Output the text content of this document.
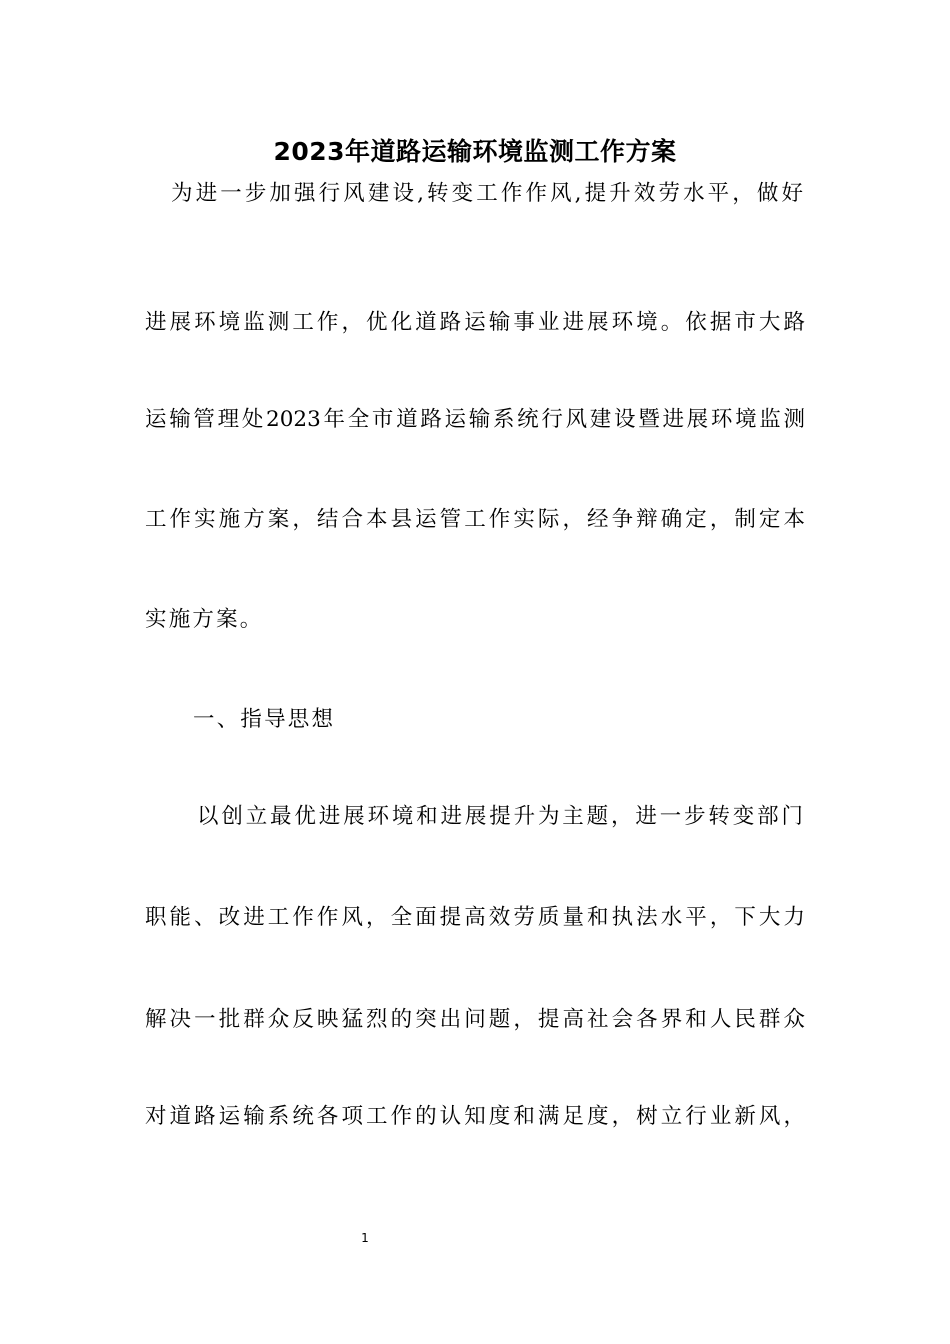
2023年道路运输环境监测工作方案
为进一步加强行风建设,转变工作作风,提升效劳水平，做好
进展环境监测工作，优化道路运输事业进展环境。依据市大路
运输管理处2023年全市道路运输系统行风建设暨进展环境监测
工作实施方案，结合本县运管工作实际，经争辩确定，制定本
实施方案。
一、指导思想
以创立最优进展环境和进展提升为主题，进一步转变部门
职能、改进工作作风，全面提高效劳质量和执法水平，下大力
解决一批群众反映猛烈的突出问题，提高社会各界和人民群众
对道路运输系统各项工作的认知度和满足度，树立行业新风，
1
